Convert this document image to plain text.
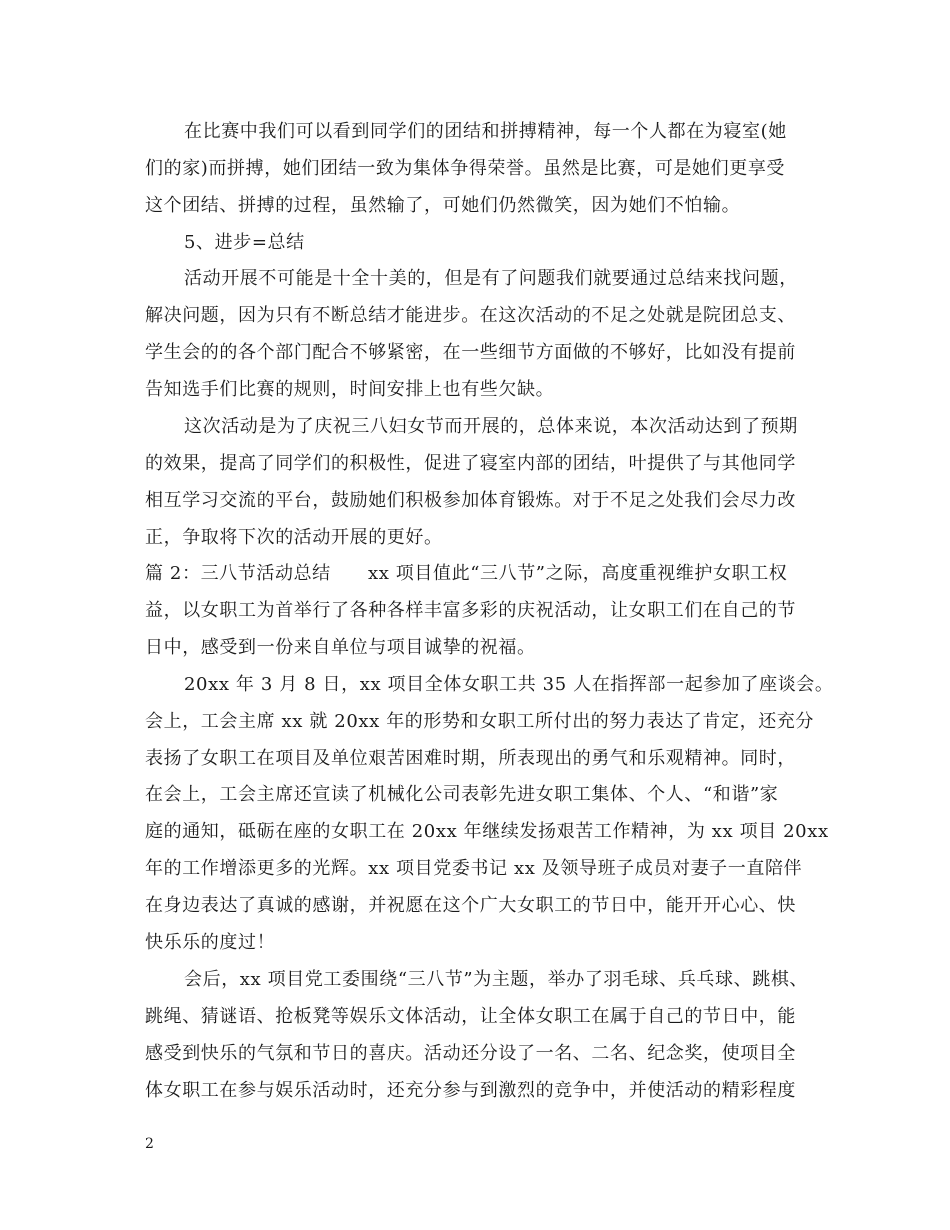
在比赛中我们可以看到同学们的团结和拼搏精神，每一个人都在为寝室(她
们的家)而拼搏，她们团结一致为集体争得荣誉。虽然是比赛，可是她们更享受
这个团结、拼搏的过程，虽然输了，可她们仍然微笑，因为她们不怕输。
5、进步=总结
活动开展不可能是十全十美的，但是有了问题我们就要通过总结来找问题，
解决问题，因为只有不断总结才能进步。在这次活动的不足之处就是院团总支、
学生会的的各个部门配合不够紧密，在一些细节方面做的不够好，比如没有提前
告知选手们比赛的规则，时间安排上也有些欠缺。
这次活动是为了庆祝三八妇女节而开展的，总体来说，本次活动达到了预期
的效果，提高了同学们的积极性，促进了寝室内部的团结，叶提供了与其他同学
相互学习交流的平台，鼓励她们积极参加体育锻炼。对于不足之处我们会尽力改
正，争取将下次的活动开展的更好。
篇 2：三八节活动总结　　xx 项目值此“三八节”之际，高度重视维护女职工权
益，以女职工为首举行了各种各样丰富多彩的庆祝活动，让女职工们在自己的节
日中，感受到一份来自单位与项目诚挚的祝福。
20xx 年 3 月 8 日，xx 项目全体女职工共 35 人在指挥部一起参加了座谈会。
会上，工会主席 xx 就 20xx 年的形势和女职工所付出的努力表达了肯定，还充分
表扬了女职工在项目及单位艰苦困难时期，所表现出的勇气和乐观精神。同时，
在会上，工会主席还宣读了机械化公司表彰先进女职工集体、个人、“和谐”家
庭的通知，砥砺在座的女职工在 20xx 年继续发扬艰苦工作精神，为 xx 项目 20xx
年的工作增添更多的光辉。xx 项目党委书记 xx 及领导班子成员对妻子一直陪伴
在身边表达了真诚的感谢，并祝愿在这个广大女职工的节日中，能开开心心、快
快乐乐的度过！
会后，xx 项目党工委围绕“三八节”为主题，举办了羽毛球、兵乓球、跳棋、
跳绳、猜谜语、抢板凳等娱乐文体活动，让全体女职工在属于自己的节日中，能
感受到快乐的气氛和节日的喜庆。活动还分设了一名、二名、纪念奖，使项目全
体女职工在参与娱乐活动时，还充分参与到激烈的竞争中，并使活动的精彩程度
2
